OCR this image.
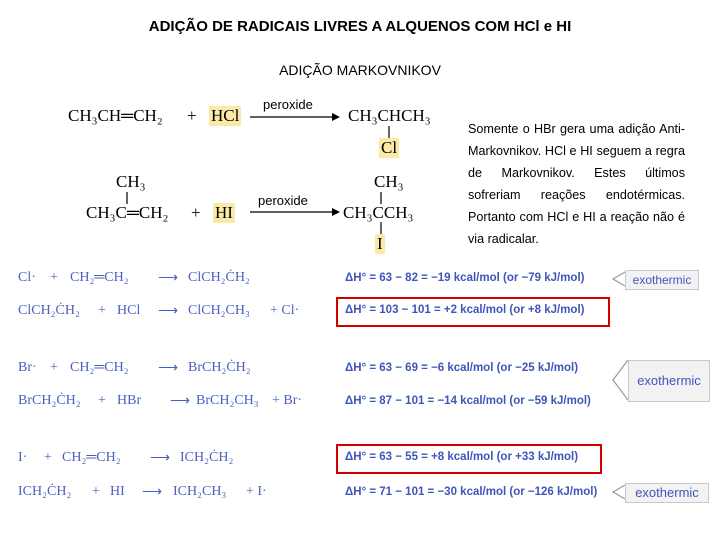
ADIÇÃO DE RADICAIS LIVRES A ALQUENOS COM HCl e HI
ADIÇÃO MARKOVNIKOV
CH₃CH═CH₂ + HCl
peroxide
CH₃CHCH₃
Cl
CH₃
CH₃C═CH₂ + HI
peroxide
CH₃
CH₃CCH₃
I
Somente o HBr gera uma adição Anti-Markovnikov. HCl e HI seguem a regra de Markovnikov. Estes últimos sofreriam reações endotérmicas. Portanto com HCl e HI a reação não é via radicalar.
Cl· + CH₂═CH₂ ⟶ ClCH₂ĊH₂	ΔH° = 63 − 82 = −19 kcal/mol (or −79 kJ/mol)
ClCH₂ĊH₂ + HCl ⟶ ClCH₂CH₃ + Cl·	ΔH° = 103 − 101 = +2 kcal/mol (or +8 kJ/mol)
Br· + CH₂═CH₂ ⟶ BrCH₂ĊH₂	ΔH° = 63 − 69 = −6 kcal/mol (or −25 kJ/mol)
BrCH₂ĊH₂ + HBr ⟶ BrCH₂CH₃ + Br·	ΔH° = 87 − 101 = −14 kcal/mol (or −59 kJ/mol)
I· + CH₂═CH₂ ⟶ ICH₂ĊH₂	ΔH° = 63 − 55 = +8 kcal/mol (or +33 kJ/mol)
ICH₂ĊH₂ + HI ⟶ ICH₂CH₃ + I·	ΔH° = 71 − 101 = −30 kcal/mol (or −126 kJ/mol)
exothermic
exothermic
exothermic
